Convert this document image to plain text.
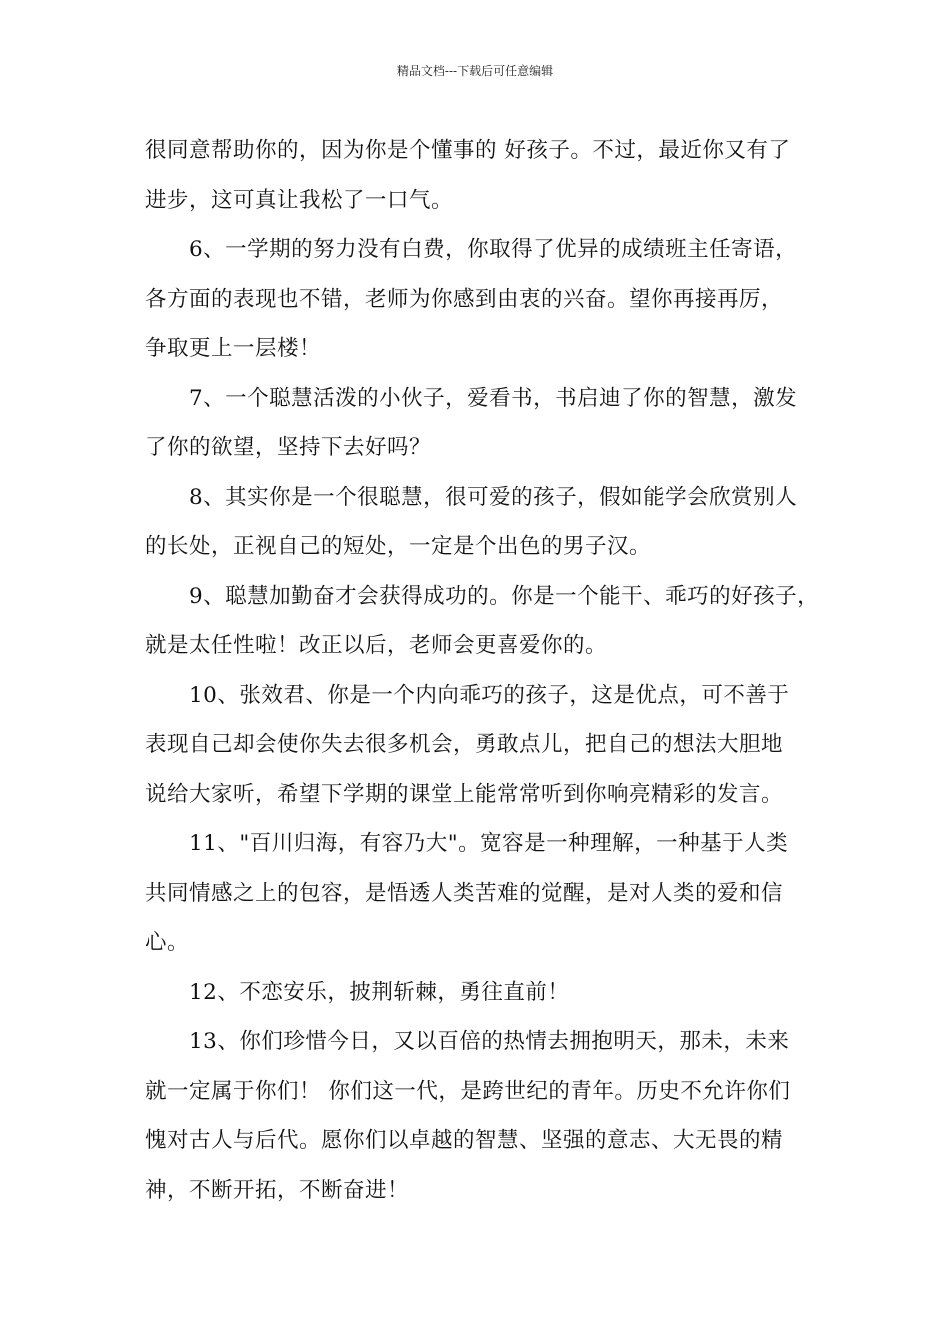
精品文档---下载后可任意编辑
很同意帮助你的，因为你是个懂事的 好孩子。不过，最近你又有了
进步，这可真让我松了一口气。
6、一学期的努力没有白费，你取得了优异的成绩班主任寄语，
各方面的表现也不错，老师为你感到由衷的兴奋。望你再接再厉，
争取更上一层楼！
7、一个聪慧活泼的小伙子，爱看书，书启迪了你的智慧，激发
了你的欲望，坚持下去好吗？
8、其实你是一个很聪慧，很可爱的孩子，假如能学会欣赏别人
的长处，正视自己的短处，一定是个出色的男子汉。
9、聪慧加勤奋才会获得成功的。你是一个能干、乖巧的好孩子，
就是太任性啦！改正以后，老师会更喜爱你的。
10、张效君、你是一个内向乖巧的孩子，这是优点，可不善于
表现自己却会使你失去很多机会，勇敢点儿，把自己的想法大胆地
说给大家听，希望下学期的课堂上能常常听到你响亮精彩的发言。
11、"百川归海，有容乃大"。宽容是一种理解，一种基于人类
共同情感之上的包容，是悟透人类苦难的觉醒，是对人类的爱和信
心。
12、不恋安乐，披荆斩棘，勇往直前！
13、你们珍惜今日，又以百倍的热情去拥抱明天，那未，未来
就一定属于你们！ 你们这一代，是跨世纪的青年。历史不允许你们
愧对古人与后代。愿你们以卓越的智慧、坚强的意志、大无畏的精
神，不断开拓，不断奋进！
